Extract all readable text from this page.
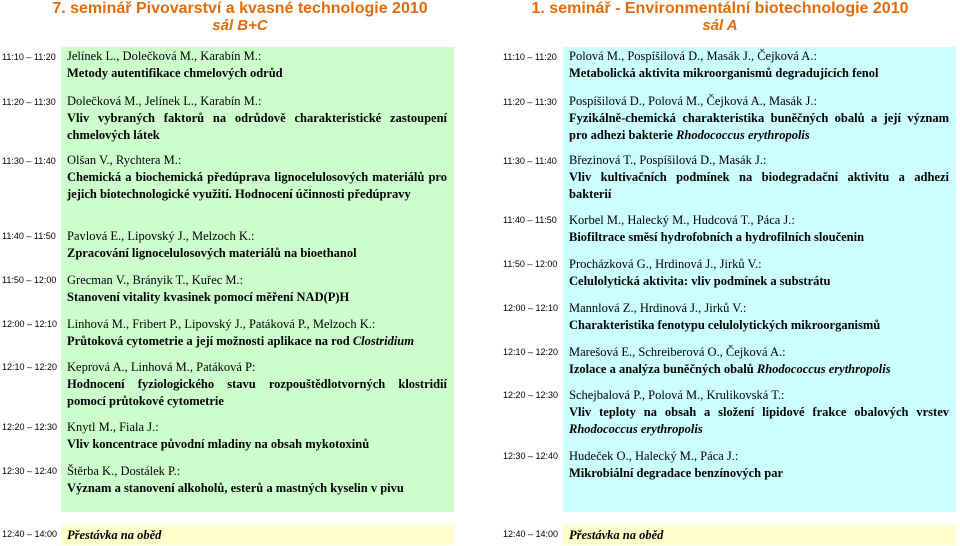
7. seminář Pivovarství a kvasné technologie 2010
sál B+C
1. seminář - Environmentální biotechnologie 2010
sál A
11:10 – 11:20 Jelínek L., Dolečková M., Karabín M.:
Metody autentifikace chmelových odrůd
11:20 – 11:30 Dolečková M., Jelínek L., Karabín M.:
Vliv vybraných faktorů na odrůdově charakteristické zastoupení chmelových látek
11:30 – 11:40 Olšan V., Rychtera M.:
Chemická a biochemická předúprava lignocelulosových materiálů pro jejich biotechnologické využití. Hodnocení účinnosti předúpravy
11:40 – 11:50 Pavlová E., Lipovský J., Melzoch K.:
Zpracování lignocelulosových materiálů na bioethanol
11:50 – 12:00 Grecman V., Brányik T., Kuřec M.:
Stanovení vitality kvasinek pomocí měření NAD(P)H
12:00 – 12:10 Linhová M., Fribert P., Lipovský J., Patáková P., Melzoch K.:
Průtoková cytometrie a její možnosti aplikace na rod Clostridium
12:10 – 12:20 Keprová A., Linhová M., Patáková P:
Hodnocení fyziologického stavu rozpouštědlotvorných klostridií pomocí průtokové cytometrie
12:20 – 12:30 Knytl M., Fiala J.:
Vliv koncentrace původní mladiny na obsah mykotoxinů
12:30 – 12:40 Štěrba K., Dostálek P.:
Význam a stanovení alkoholů, esterů a mastných kyselin v pivu
11:10 – 11:20 Polová M., Pospíšilová D., Masák J., Čejková A.:
Metabolická aktivita mikroorganismů degradujících fenol
11:20 – 11:30 Pospíšilová D., Polová M., Čejková A., Masák J.:
Fyzikálně-chemická charakteristika buněčných obalů a její význam pro adhezi bakterie Rhodococcus erythropolis
11:30 – 11:40 Březinová T., Pospíšilová D., Masák J.:
Vliv kultivačních podmínek na biodegradační aktivitu a adhezi bakterií
11:40 – 11:50 Korbel M., Halecký M., Hudcová T., Páca J.:
Biofiltrace směsí hydrofobních a hydrofilních sloučenin
11:50 – 12:00 Procházková G., Hrdinová J., Jirků V.:
Celulolytická aktivita: vliv podmínek a substrátu
12:00 – 12:10 Mannlová Z., Hrdinová J., Jirků V.:
Charakteristika fenotypu celulolytických mikroorganismů
12:10 – 12:20 Marešová E., Schreiberová O., Čejková A.:
Izolace a analýza buněčných obalů Rhodococcus erythropolis
12:20 – 12:30 Schejbalová P., Polová M., Krulikovská T.:
Vliv teploty na obsah a složení lipidové frakce obalových vrstev Rhodococcus erythropolis
12:30 – 12:40 Hudeček O., Halecký M., Páca J.:
Mikrobiální degradace benzínových par
12:40 – 14:00 Přestávka na oběd	12:40 – 14:00 Přestávka na oběd
